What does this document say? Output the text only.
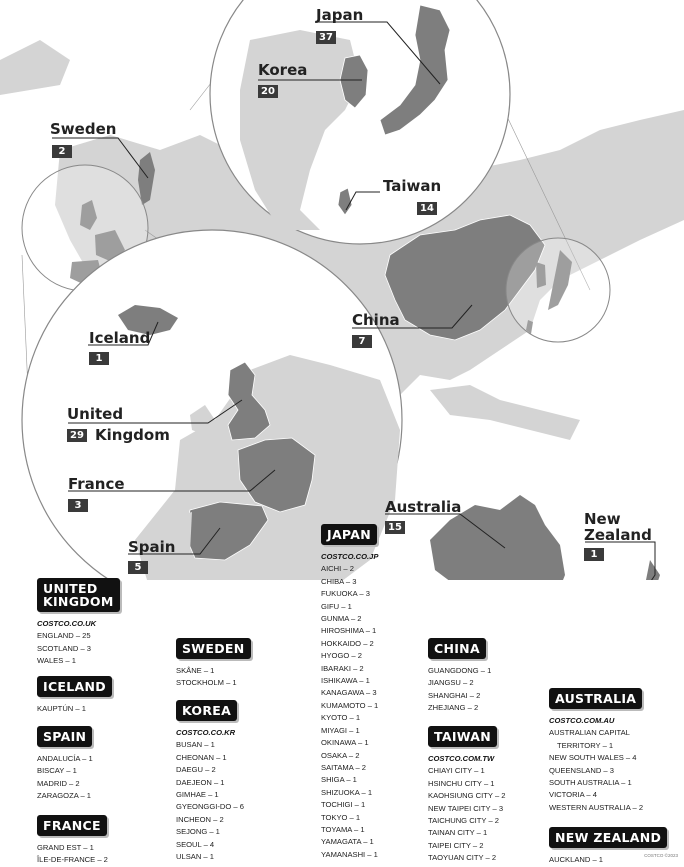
Sweden
2
Iceland
1
United
29 Kingdom
France
3
Spain
5
Japan
37
Korea
20
Taiwan
14
China
7
Australia
15	New
Zealand
1
UNITED
KINGDOM
COSTCO.CO.UK
ENGLAND – 25
SCOTLAND – 3
WALES – 1
ICELAND
KAUPTÚN – 1
SPAIN
ANDALUCÍA – 1
BISCAY – 1
MADRID – 2
ZARAGOZA – 1
FRANCE
GRAND EST – 1
ÎLE-DE-FRANCE – 2
SWEDEN
SKÅNE – 1
STOCKHOLM – 1
KOREA
COSTCO.CO.KR
BUSAN – 1
CHEONAN – 1
DAEGU – 2
DAEJEON – 1
GIMHAE – 1
GYEONGGI-DO – 6
INCHEON – 2
SEJONG – 1
SEOUL – 4
ULSAN – 1
JAPAN
COSTCO.CO.JP
AICHI – 2
CHIBA – 3
FUKUOKA – 3
GIFU – 1
GUNMA – 2
HIROSHIMA – 1
HOKKAIDO – 2
HYOGO – 2
IBARAKI – 2
ISHIKAWA – 1
KANAGAWA – 3
KUMAMOTO – 1
KYOTO – 1
MIYAGI – 1
OKINAWA – 1
OSAKA – 2
SAITAMA – 2
SHIGA – 1
SHIZUOKA – 1
TOCHIGI – 1
TOKYO – 1
TOYAMA – 1
YAMAGATA – 1
YAMANASHI – 1
CHINA
GUANGDONG – 1
JIANGSU – 2
SHANGHAI – 2
ZHEJIANG – 2
TAIWAN
COSTCO.COM.TW
CHIAYI CITY – 1
HSINCHU CITY – 1
KAOHSIUNG CITY – 2
NEW TAIPEI CITY – 3
TAICHUNG CITY – 2
TAINAN CITY – 1
TAIPEI CITY – 2
TAOYUAN CITY – 2
AUSTRALIA
COSTCO.COM.AU
AUSTRALIAN CAPITAL
TERRITORY – 1
NEW SOUTH WALES – 4
QUEENSLAND – 3
SOUTH AUSTRALIA – 1
VICTORIA – 4
WESTERN AUSTRALIA – 2
NEW ZEALAND
AUCKLAND – 1	COSTCO ©2023
